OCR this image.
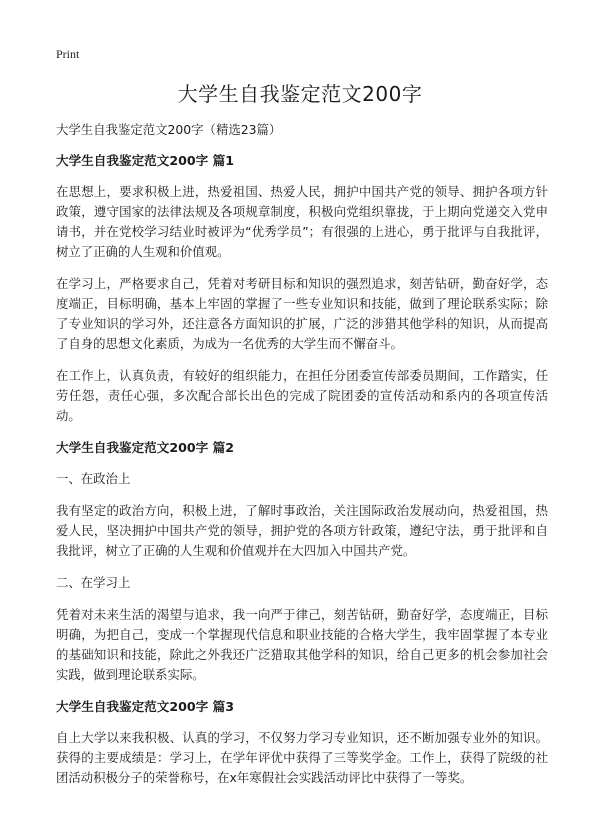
Print
大学生自我鉴定范文200字

大学生自我鉴定范文200字（精选23篇）

大学生自我鉴定范文200字 篇1

在思想上，要求积极上进，热爱祖国、热爱人民，拥护中国共产党的领导、拥护各项方针政策，遵守国家的法律法规及各项规章制度，积极向党组织靠拢，于上期向党递交入党申请书，并在党校学习结业时被评为“优秀学员”；有很强的上进心，勇于批评与自我批评，树立了正确的人生观和价值观。

在学习上，严格要求自己，凭着对考研目标和知识的强烈追求，刻苦钻研，勤奋好学，态度端正，目标明确，基本上牢固的掌握了一些专业知识和技能，做到了理论联系实际；除了专业知识的学习外，还注意各方面知识的扩展，广泛的涉猎其他学科的知识，从而提高了自身的思想文化素质，为成为一名优秀的大学生而不懈奋斗。

在工作上，认真负责，有较好的组织能力，在担任分团委宣传部委员期间，工作踏实，任劳任怨，责任心强，多次配合部长出色的完成了院团委的宣传活动和系内的各项宣传活动。

大学生自我鉴定范文200字 篇2

一、在政治上

我有坚定的政治方向，积极上进，了解时事政治，关注国际政治发展动向，热爱祖国，热爱人民，坚决拥护中国共产党的领导，拥护党的各项方针政策，遵纪守法，勇于批评和自我批评，树立了正确的人生观和价值观并在大四加入中国共产党。

二、在学习上

凭着对未来生活的渴望与追求，我一向严于律己，刻苦钻研，勤奋好学，态度端正，目标明确，为把自己，变成一个掌握现代信息和职业技能的合格大学生，我牢固掌握了本专业的基础知识和技能，除此之外我还广泛猎取其他学科的知识，给自己更多的机会参加社会实践，做到理论联系实际。

大学生自我鉴定范文200字 篇3

自上大学以来我积极、认真的学习，不仅努力学习专业知识，还不断加强专业外的知识。获得的主要成绩是：学习上，在学年评优中获得了三等奖学金。工作上，获得了院级的社团活动积极分子的荣誉称号，在x年寒假社会实践活动评比中获得了一等奖。
